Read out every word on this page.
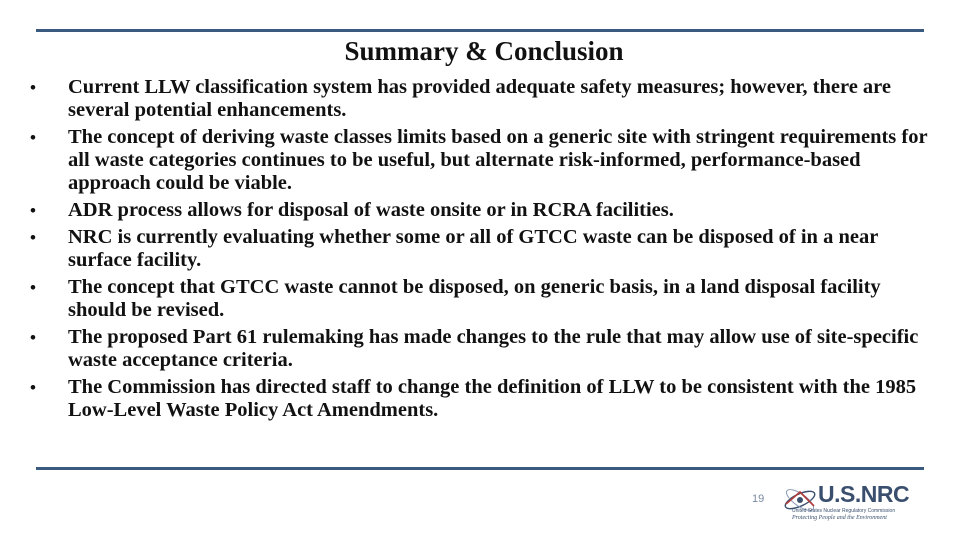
Summary & Conclusion
•	Current LLW classification system has provided adequate safety measures; however, there are several potential enhancements.
•	The concept of deriving waste classes limits based on a generic site with stringent requirements for all waste categories continues to be useful, but alternate risk-informed, performance-based approach could be viable.
•	ADR process allows for disposal of waste onsite or in RCRA facilities.
•	NRC is currently evaluating whether some or all of GTCC waste can be disposed of in a near surface facility.
•	The concept that GTCC waste cannot be disposed, on generic basis, in a land disposal facility should be revised.
•	The proposed Part 61 rulemaking has made changes to the rule that may allow use of site-specific waste acceptance criteria.
•	The Commission has directed staff to change the definition of LLW to be consistent with the 1985 Low-Level Waste Policy Act Amendments.
19 U.S.NRC
United States Nuclear Regulatory Commission
Protecting People and the Environment
